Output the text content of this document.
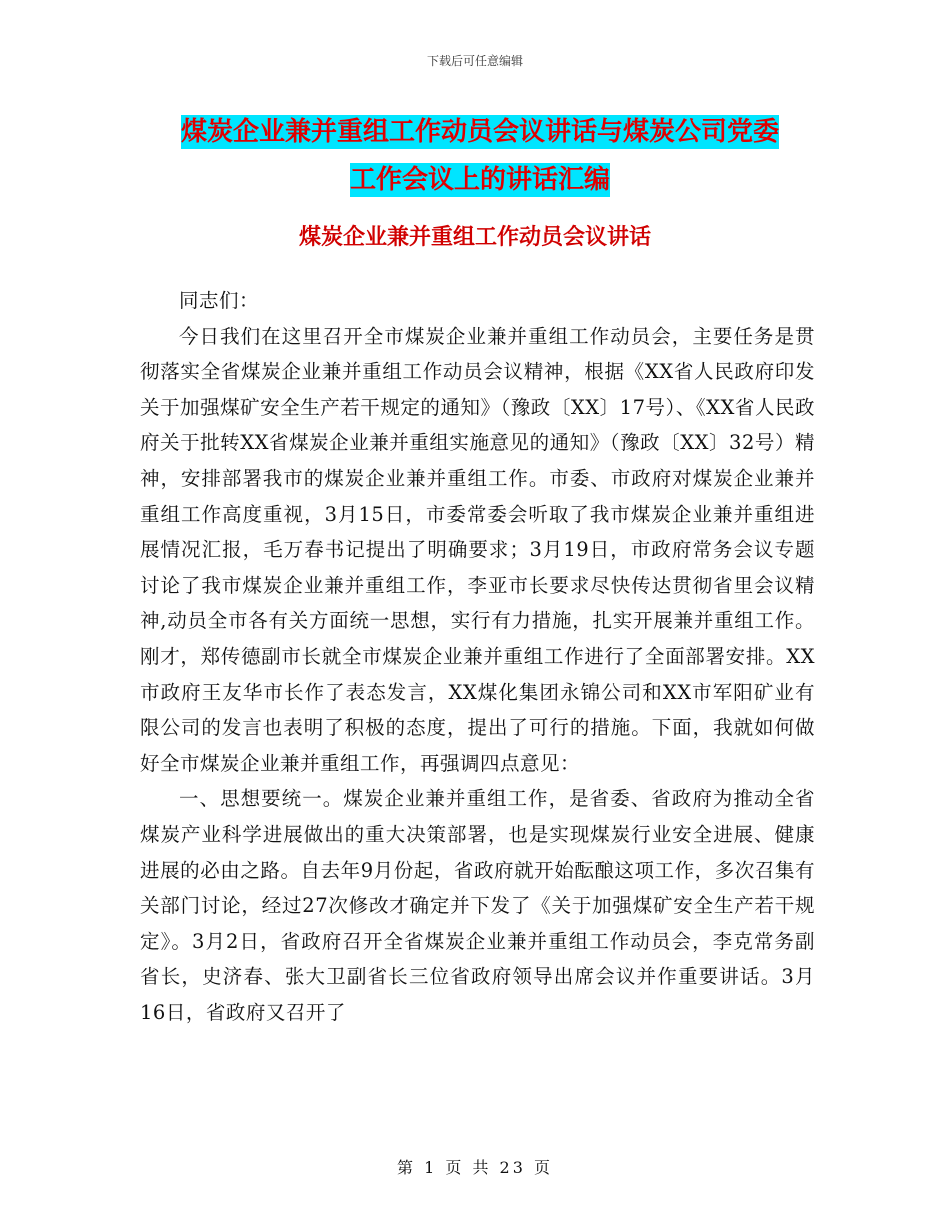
下载后可任意编辑
煤炭企业兼并重组工作动员会议讲话与煤炭公司党委
工作会议上的讲话汇编
煤炭企业兼并重组工作动员会议讲话

同志们：

今日我们在这里召开全市煤炭企业兼并重组工作动员会，主要任务是贯彻落实全省煤炭企业兼并重组工作动员会议精神，根据《XX省人民政府印发关于加强煤矿安全生产若干规定的通知》（豫政〔XX〕17号）、《XX省人民政府关于批转XX省煤炭企业兼并重组实施意见的通知》（豫政〔XX〕32号）精神，安排部署我市的煤炭企业兼并重组工作。市委、市政府对煤炭企业兼并重组工作高度重视，3月15日，市委常委会听取了我市煤炭企业兼并重组进展情况汇报，毛万春书记提出了明确要求；3月19日，市政府常务会议专题讨论了我市煤炭企业兼并重组工作，李亚市长要求尽快传达贯彻省里会议精神,动员全市各有关方面统一思想，实行有力措施，扎实开展兼并重组工作。刚才，郑传德副市长就全市煤炭企业兼并重组工作进行了全面部署安排。XX市政府王友华市长作了表态发言，XX煤化集团永锦公司和XX市军阳矿业有限公司的发言也表明了积极的态度，提出了可行的措施。下面，我就如何做好全市煤炭企业兼并重组工作，再强调四点意见：

一、思想要统一。煤炭企业兼并重组工作，是省委、省政府为推动全省煤炭产业科学进展做出的重大决策部署，也是实现煤炭行业安全进展、健康进展的必由之路。自去年9月份起，省政府就开始酝酿这项工作，多次召集有关部门讨论，经过27次修改才确定并下发了《关于加强煤矿安全生产若干规定》。3月2日，省政府召开全省煤炭企业兼并重组工作动员会，李克常务副省长，史济春、张大卫副省长三位省政府领导出席会议并作重要讲话。3月16日，省政府又召开了

第 1 页 共 23 页
